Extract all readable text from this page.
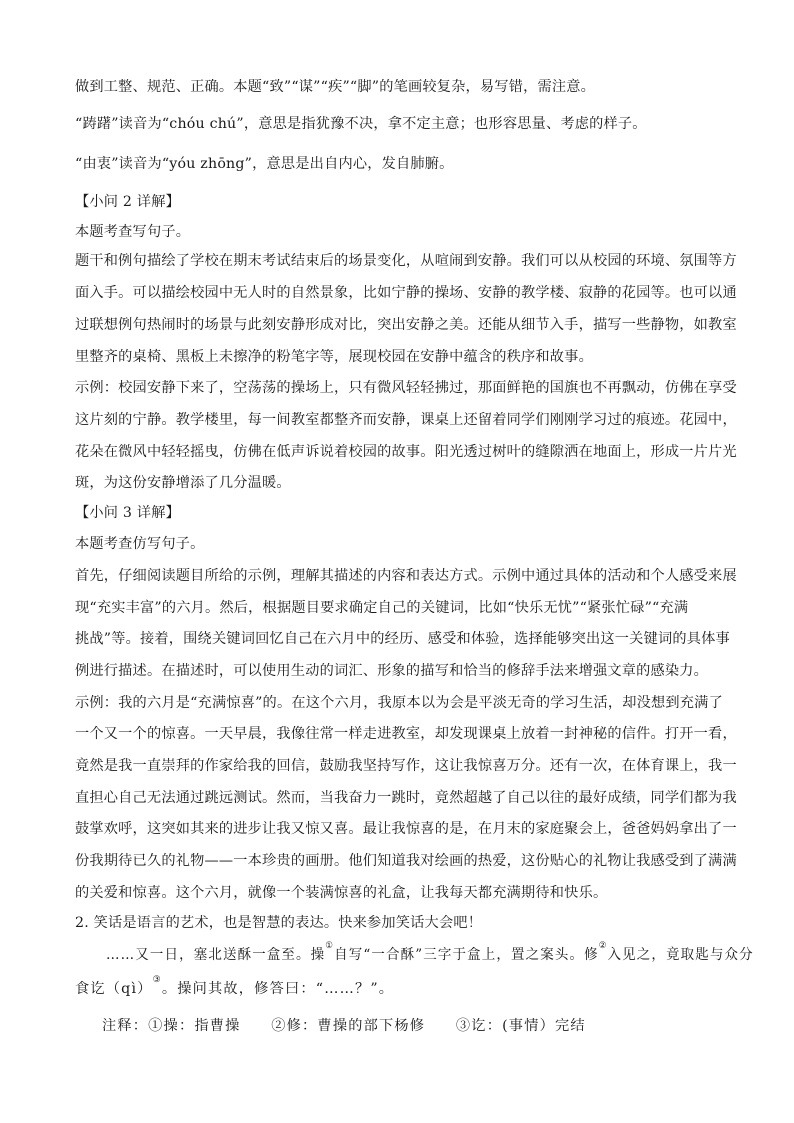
做到工整、规范、正确。本题“致”“谋”“疾”“脚”的笔画较复杂，易写错，需注意。
“踌躇”读音为“chóu chú”，意思是指犹豫不决，拿不定主意；也形容思量、考虑的样子。
“由衷”读音为“yóu zhōng”，意思是出自内心，发自肺腑。
【小问 2 详解】
本题考查写句子。
题干和例句描绘了学校在期末考试结束后的场景变化，从喧闹到安静。我们可以从校园的环境、氛围等方
面入手。可以描绘校园中无人时的自然景象，比如宁静的操场、安静的教学楼、寂静的花园等。也可以通
过联想例句热闹时的场景与此刻安静形成对比，突出安静之美。还能从细节入手，描写一些静物，如教室
里整齐的桌椅、黑板上未擦净的粉笔字等，展现校园在安静中蕴含的秩序和故事。
示例：校园安静下来了，空荡荡的操场上，只有微风轻轻拂过，那面鲜艳的国旗也不再飘动，仿佛在享受
这片刻的宁静。教学楼里，每一间教室都整齐而安静，课桌上还留着同学们刚刚学习过的痕迹。花园中，
花朵在微风中轻轻摇曳，仿佛在低声诉说着校园的故事。阳光透过树叶的缝隙洒在地面上，形成一片片光
斑，为这份安静增添了几分温暖。
【小问 3 详解】
本题考查仿写句子。
首先，仔细阅读题目所给的示例，理解其描述的内容和表达方式。示例中通过具体的活动和个人感受来展
现“充实丰富”的六月。然后，根据题目要求确定自己的关键词，比如“快乐无忧”“紧张忙碌”“充满
挑战”等。接着，围绕关键词回忆自己在六月中的经历、感受和体验，选择能够突出这一关键词的具体事
例进行描述。在描述时，可以使用生动的词汇、形象的描写和恰当的修辞手法来增强文章的感染力。
示例：我的六月是“充满惊喜”的。在这个六月，我原本以为会是平淡无奇的学习生活，却没想到充满了
一个又一个的惊喜。一天早晨，我像往常一样走进教室，却发现课桌上放着一封神秘的信件。打开一看，
竟然是我一直崇拜的作家给我的回信，鼓励我坚持写作，这让我惊喜万分。还有一次，在体育课上，我一
直担心自己无法通过跳远测试。然而，当我奋力一跳时，竟然超越了自己以往的最好成绩，同学们都为我
鼓掌欢呼，这突如其来的进步让我又惊又喜。最让我惊喜的是，在月末的家庭聚会上，爸爸妈妈拿出了一
份我期待已久的礼物——一本珍贵的画册。他们知道我对绘画的热爱，这份贴心的礼物让我感受到了满满
的关爱和惊喜。这个六月，就像一个装满惊喜的礼盒，让我每天都充满期待和快乐。
2. 笑话是语言的艺术，也是智慧的表达。快来参加笑话大会吧！
……又一日，塞北送酥一盒至。操①自写“一合酥”三字于盒上，置之案头。修②入见之，竟取匙与众分
食讫（qì）③。操问其故，修答曰：“……？”。
注释：①操：指曹操　　②修：曹操的部下杨修　　③讫：(事情）完结
